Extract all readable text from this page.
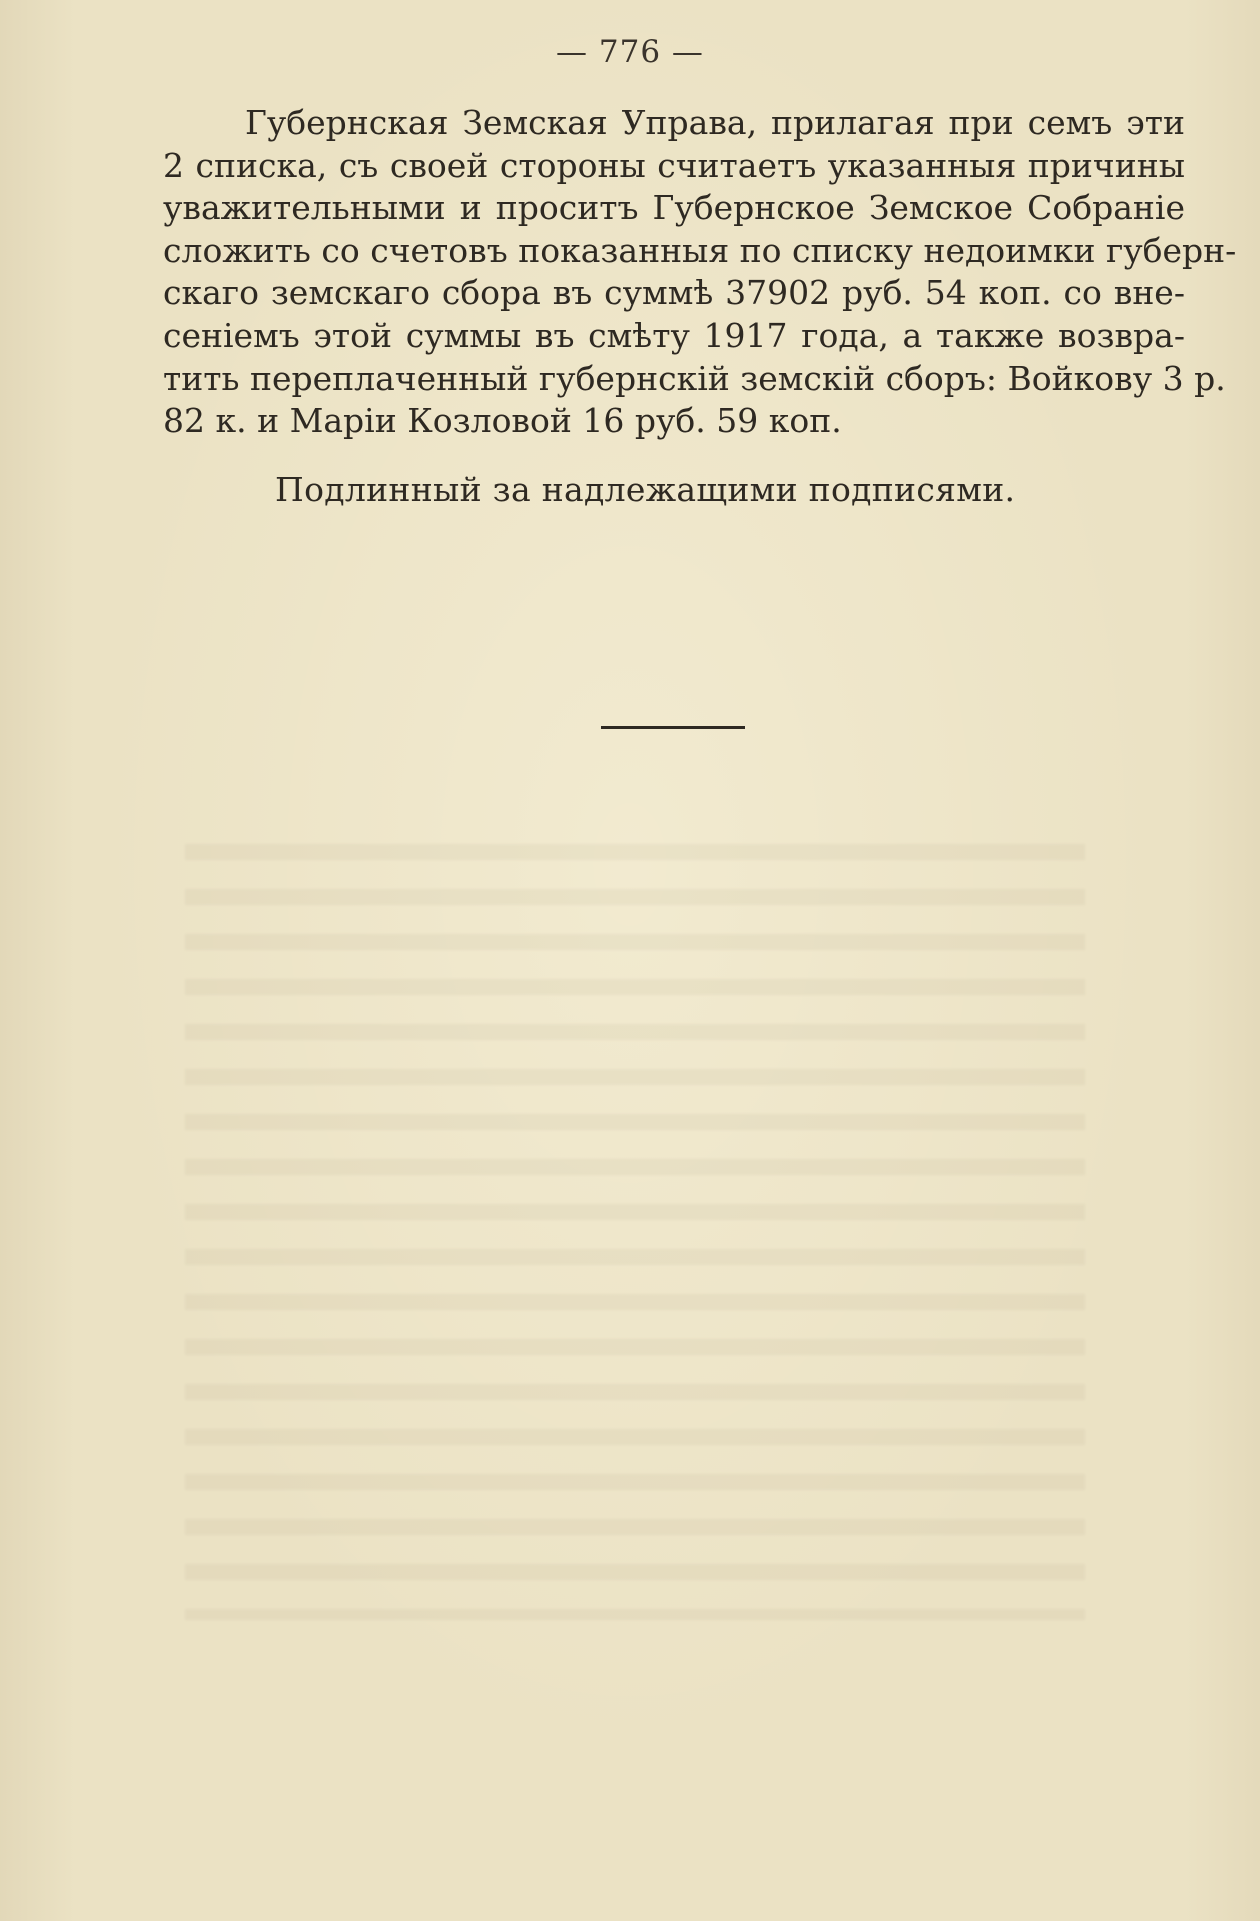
— 776 —
Губернская Земская Управа, прилагая при семъ эти
2 списка, съ своей стороны считаетъ указанныя причины
уважительными и проситъ Губернское Земское Собраніе
сложить со счетовъ показанныя по списку недоимки губерн-
скаго земскаго сбора въ суммѣ 37902 руб. 54 коп. со вне-
сеніемъ этой суммы въ смѣту 1917 года, а также возвра-
тить переплаченный губернскій земскій сборъ: Войкову 3 р.
82 к. и Маріи Козловой 16 руб. 59 коп.
Подлинный за надлежащими подписями.
